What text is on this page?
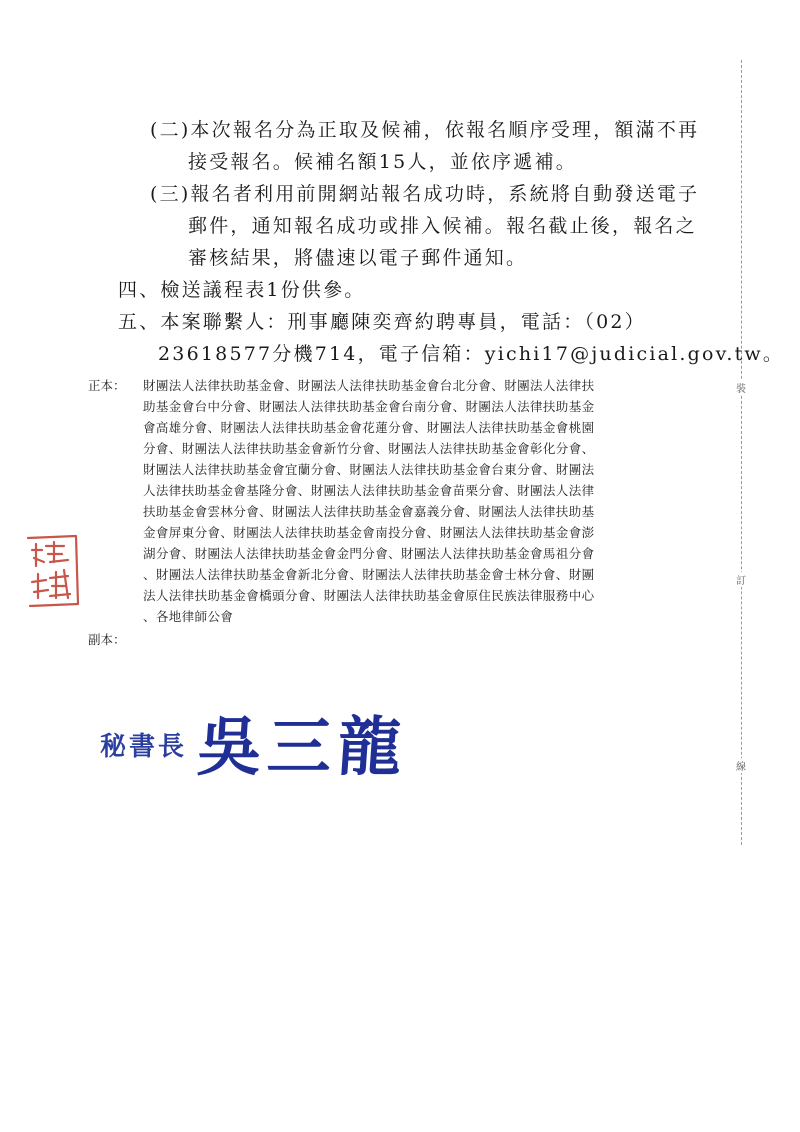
裝
訂
線
(二)本次報名分為正取及候補，依報名順序受理，額滿不再
接受報名。候補名額15人，並依序遞補。
(三)報名者利用前開網站報名成功時，系統將自動發送電子
郵件，通知報名成功或排入候補。報名截止後，報名之
審核結果，將儘速以電子郵件通知。
四、檢送議程表1份供參。
五、本案聯繫人：刑事廳陳奕齊約聘專員，電話：（02）
23618577分機714，電子信箱：yichi17@judicial.gov.tw。
正本： 財團法人法律扶助基金會、財團法人法律扶助基金會台北分會、財團法人法律扶
助基金會台中分會、財團法人法律扶助基金會台南分會、財團法人法律扶助基金
會高雄分會、財團法人法律扶助基金會花蓮分會、財團法人法律扶助基金會桃園
分會、財團法人法律扶助基金會新竹分會、財團法人法律扶助基金會彰化分會、
財團法人法律扶助基金會宜蘭分會、財團法人法律扶助基金會台東分會、財團法
人法律扶助基金會基隆分會、財團法人法律扶助基金會苗栗分會、財團法人法律
扶助基金會雲林分會、財團法人法律扶助基金會嘉義分會、財團法人法律扶助基
金會屏東分會、財團法人法律扶助基金會南投分會、財團法人法律扶助基金會澎
湖分會、財團法人法律扶助基金會金門分會、財團法人法律扶助基金會馬祖分會
、財團法人法律扶助基金會新北分會、財團法人法律扶助基金會士林分會、財團
法人法律扶助基金會橋頭分會、財團法人法律扶助基金會原住民族法律服務中心
、各地律師公會
副本：
秘書長 吳三龍
